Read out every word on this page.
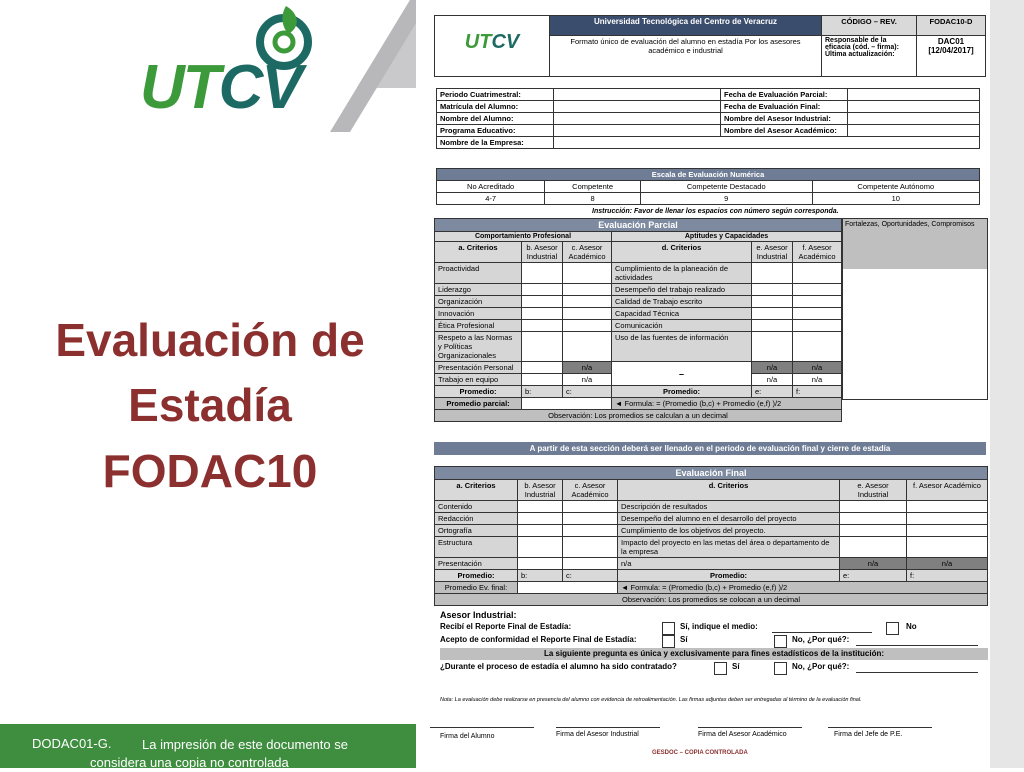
UTCV
Evaluación de
Estadía
FODAC10
DODAC01-G.	La impresión de este documento se considera una copia no controlada
UTCV	Universidad Tecnológica del Centro de Veracruz	CÓDIGO – REV.	FODAC10-D
	Formato único de evaluación del alumno en estadía Por los asesores académico e industrial	Responsable de la eficacia (cód. – firma): Última actualización:	DAC01 [12/04/2017]
Periodo Cuatrimestral:		Fecha de Evaluación Parcial:	
Matrícula del Alumno:		Fecha de Evaluación Final:	
Nombre del Alumno:		Nombre del Asesor Industrial:	
Programa Educativo:		Nombre del Asesor Académico:	
Nombre de la Empresa:			
Escala de Evaluación Numérica			
No Acreditado	Competente	Competente Destacado	Competente Autónomo
4-7	8	9	10
Instrucción: Favor de llenar los espacios con número según corresponda.
Evaluación Parcial					
Comportamiento Profesional			Aptitudes y Capacidades		
a. Criterios	b. Asesor Industrial	c. Asesor Académico	d. Criterios	e. Asesor Industrial	f. Asesor Académico
Proactividad			Cumplimiento de la planeación de actividades		
Liderazgo			Desempeño del trabajo realizado		
Organización			Calidad de Trabajo escrito		
Innovación			Capacidad Técnica		
Ética Profesional			Comunicación		
Respeto a las Normas y Políticas Organizacionales			Uso de las fuentes de información		
Presentación Personal		n/a	–	n/a	n/a
Trabajo en equipo		n/a		n/a	n/a
Promedio:	b:	c:	Promedio:	e:	f:
Promedio parcial:			◄ Formula: = (Promedio (b,c) + Promedio (e,f) )/2		
Observación: Los promedios se calculan a un decimal					
Fortalezas, Oportunidades, Compromisos
A partir de esta sección deberá ser llenado en el periodo de evaluación final y cierre de estadía
Evaluación Final					
a. Criterios	b. Asesor Industrial	c. Asesor Académico	d. Criterios	e. Asesor Industrial	f. Asesor Académico
Contenido			Descripción de resultados		
Redacción			Desempeño del alumno en el desarrollo del proyecto		
Ortografía			Cumplimiento de los objetivos del proyecto.		
Estructura			Impacto del proyecto en las metas del área o departamento de la empresa		
Presentación			n/a	n/a	n/a
Promedio:	b:	c:	Promedio:	e:	f:
Promedio Ev. final:			◄ Formula: = (Promedio (b,c) + Promedio (e,f) )/2		
Observación: Los promedios se colocan a un decimal					
Asesor Industrial:
Recibí el Reporte Final de Estadía:	Sí, indique el medio:	No
Acepto de conformidad el Reporte Final de Estadía:	Sí	No, ¿Por qué?:
La siguiente pregunta es única y exclusivamente para fines estadísticos de la institución:
¿Durante el proceso de estadía el alumno ha sido contratado?	Sí	No, ¿Por qué?:
Nota: La evaluación debe realizarse en presencia del alumno con evidencia de retroalimentación. Las firmas adjuntas deben ser entregadas al término de la evaluación final.
Firma del Alumno	Firma del Asesor Industrial	Firma del Asesor Académico	Firma del Jefe de P.E.
GESDOC – COPIA CONTROLADA
